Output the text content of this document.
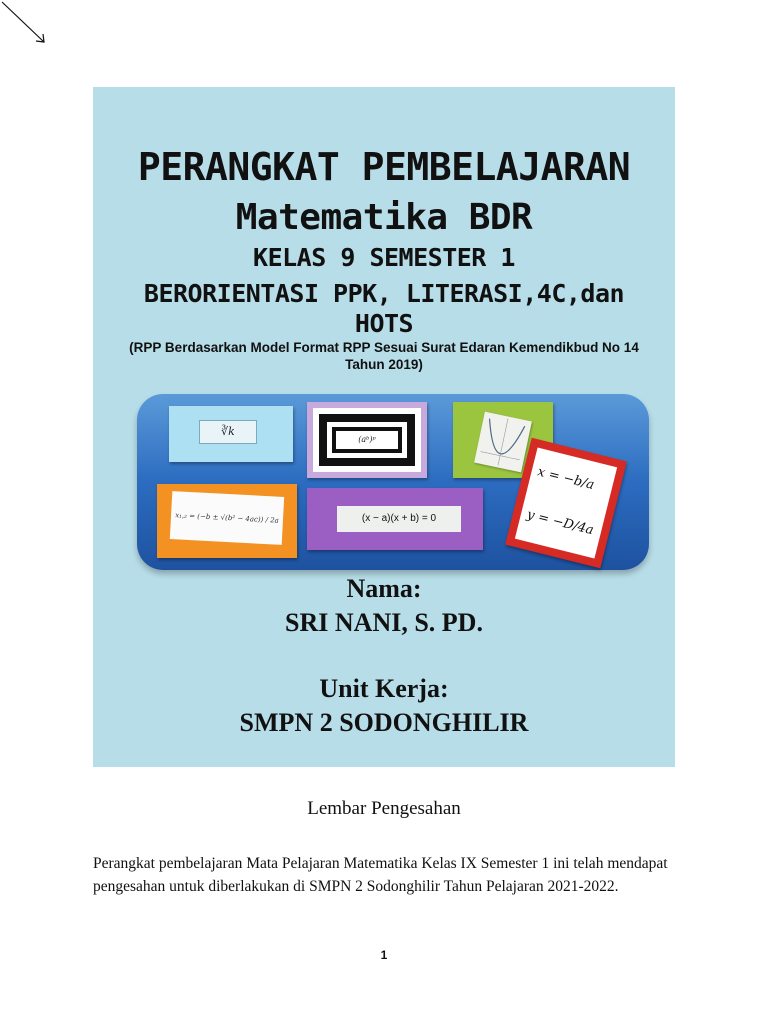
PERANGKAT PEMBELAJARAN
Matematika BDR
KELAS 9 SEMESTER 1
BERORIENTASI PPK, LITERASI,4C,dan
HOTS
(RPP Berdasarkan Model Format RPP Sesuai Surat Edaran Kemendikbud No 14 Tahun 2019)
∛k
(aᵇ)ᵖ
x₁,₂ = (−b ± √(b² − 4ac)) / 2a	(x − a)(x + b) = 0
x = −b/a
y = −D/4a
Nama:
SRI NANI, S. PD.
Unit Kerja:
SMPN 2 SODONGHILIR
Lembar Pengesahan
Perangkat pembelajaran Mata Pelajaran Matematika Kelas IX Semester 1 ini telah mendapat pengesahan untuk diberlakukan di SMPN 2 Sodonghilir Tahun Pelajaran 2021-2022.
1
